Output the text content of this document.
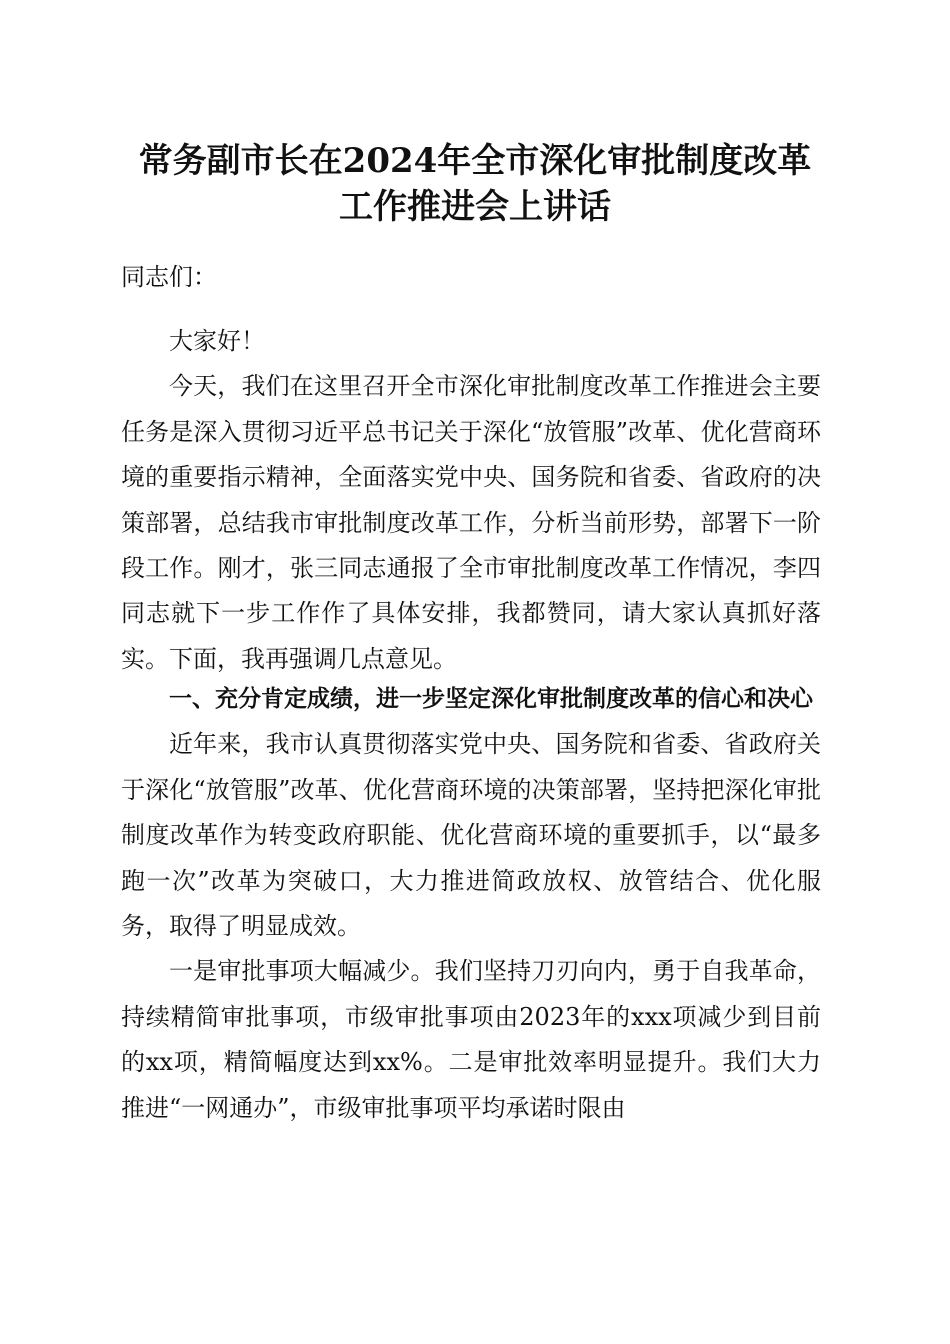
常务副市长在2024年全市深化审批制度改革
工作推进会上讲话
同志们：

大家好！

今天，我们在这里召开全市深化审批制度改革工作推进会主要任务是深入贯彻习近平总书记关于深化“放管服”改革、优化营商环境的重要指示精神，全面落实党中央、国务院和省委、省政府的决策部署，总结我市审批制度改革工作，分析当前形势，部署下一阶段工作。刚才，张三同志通报了全市审批制度改革工作情况，李四同志就下一步工作作了具体安排，我都赞同，请大家认真抓好落实。下面，我再强调几点意见。

一、充分肯定成绩，进一步坚定深化审批制度改革的信心和决心

近年来，我市认真贯彻落实党中央、国务院和省委、省政府关于深化“放管服”改革、优化营商环境的决策部署，坚持把深化审批制度改革作为转变政府职能、优化营商环境的重要抓手，以“最多跑一次”改革为突破口，大力推进简政放权、放管结合、优化服务，取得了明显成效。

一是审批事项大幅减少。我们坚持刀刃向内，勇于自我革命，持续精简审批事项，市级审批事项由2023年的xxx项减少到目前的xx项，精简幅度达到xx%。二是审批效率明显提升。我们大力推进“一网通办”，市级审批事项平均承诺时限由
